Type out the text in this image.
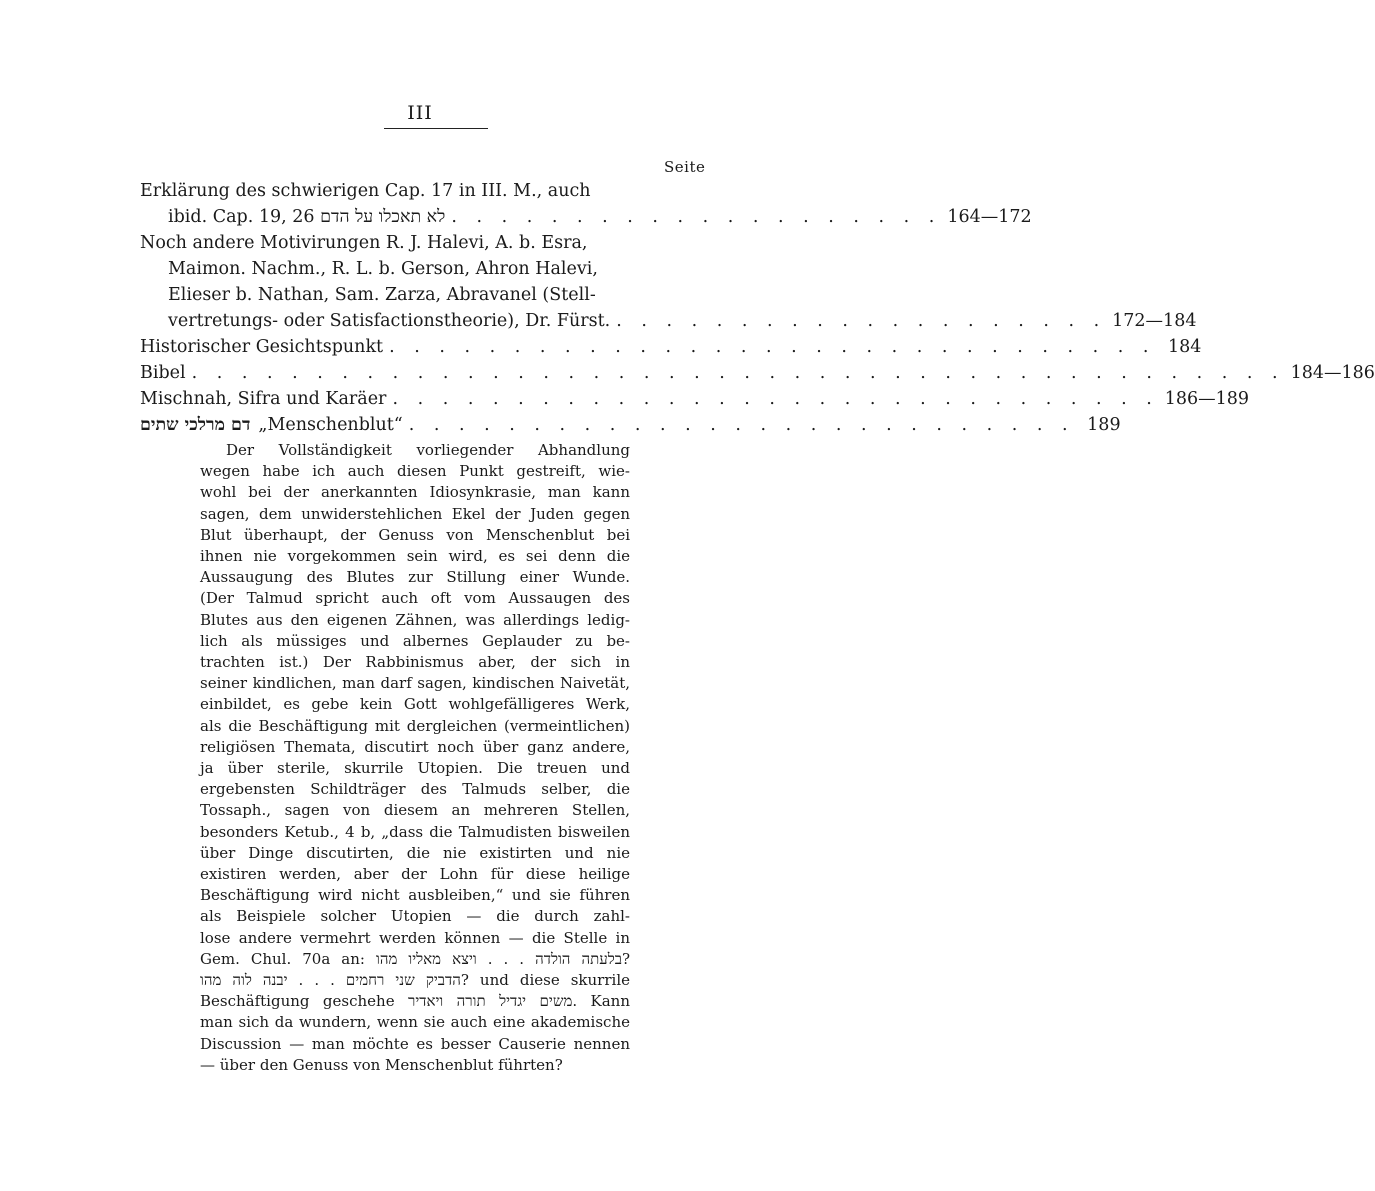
III
Seite
Erklärung des schwierigen Cap. 17 in III. M., auch
ibid. Cap. 19, 26 לא תאכלו על הדם . . . . . . . . . . . . . . . . . . . . 164—172
Noch andere Motivirungen R. J. Halevi, A. b. Esra,
Maimon. Nachm., R. L. b. Gerson, Ahron Halevi,
Elieser b. Nathan, Sam. Zarza, Abravanel (Stell-
vertretungs- oder Satisfactionstheorie), Dr. Fürst. . . . . . . . . . . . . . . . . . . . . 172—184
Historischer Gesichtspunkt . . . . . . . . . . . . . . . . . . . . . . . . . . . . . . . 184
Bibel . . . . . . . . . . . . . . . . . . . . . . . . . . . . . . . . . . . . . . . . . . . . 184—186
Mischnah, Sifra und Karäer . . . . . . . . . . . . . . . . . . . . . . . . . . . . . . . 186—189
דם מרלכי שתים „Menschenblut“ . . . . . . . . . . . . . . . . . . . . . . . . . . . 189
Der Vollständigkeit vorliegender Abhandlung
wegen habe ich auch diesen Punkt gestreift, wie-
wohl bei der anerkannten Idiosynkrasie, man kann
sagen, dem unwiderstehlichen Ekel der Juden gegen
Blut überhaupt, der Genuss von Menschenblut bei
ihnen nie vorgekommen sein wird, es sei denn die
Aussaugung des Blutes zur Stillung einer Wunde.
(Der Talmud spricht auch oft vom Aussaugen des
Blutes aus den eigenen Zähnen, was allerdings ledig-
lich als müssiges und albernes Geplauder zu be-
trachten ist.) Der Rabbinismus aber, der sich in
seiner kindlichen, man darf sagen, kindischen Naivetät,
einbildet, es gebe kein Gott wohlgefälligeres Werk,
als die Beschäftigung mit dergleichen (vermeintlichen)
religiösen Themata, discutirt noch über ganz andere,
ja über sterile, skurrile Utopien. Die treuen und
ergebensten Schildträger des Talmuds selber, die
Tossaph., sagen von diesem an mehreren Stellen,
besonders Ketub., 4 b, „dass die Talmudisten bisweilen
über Dinge discutirten, die nie existirten und nie
existiren werden, aber der Lohn für diese heilige
Beschäftigung wird nicht ausbleiben,“ und sie führen
als Beispiele solcher Utopien — die durch zahl-
lose andere vermehrt werden können — die Stelle in
Gem. Chul. 70a an: בלעתה הולדה . . . ויצא מאליו מהו?
הדביק שני רחמים . . . יבנה לוה מהו? und diese skurrile
Beschäftigung geschehe משים יגדיל תורה ויאדיר. Kann
man sich da wundern, wenn sie auch eine akademische
Discussion — man möchte es besser Causerie nennen
— über den Genuss von Menschenblut führten?
